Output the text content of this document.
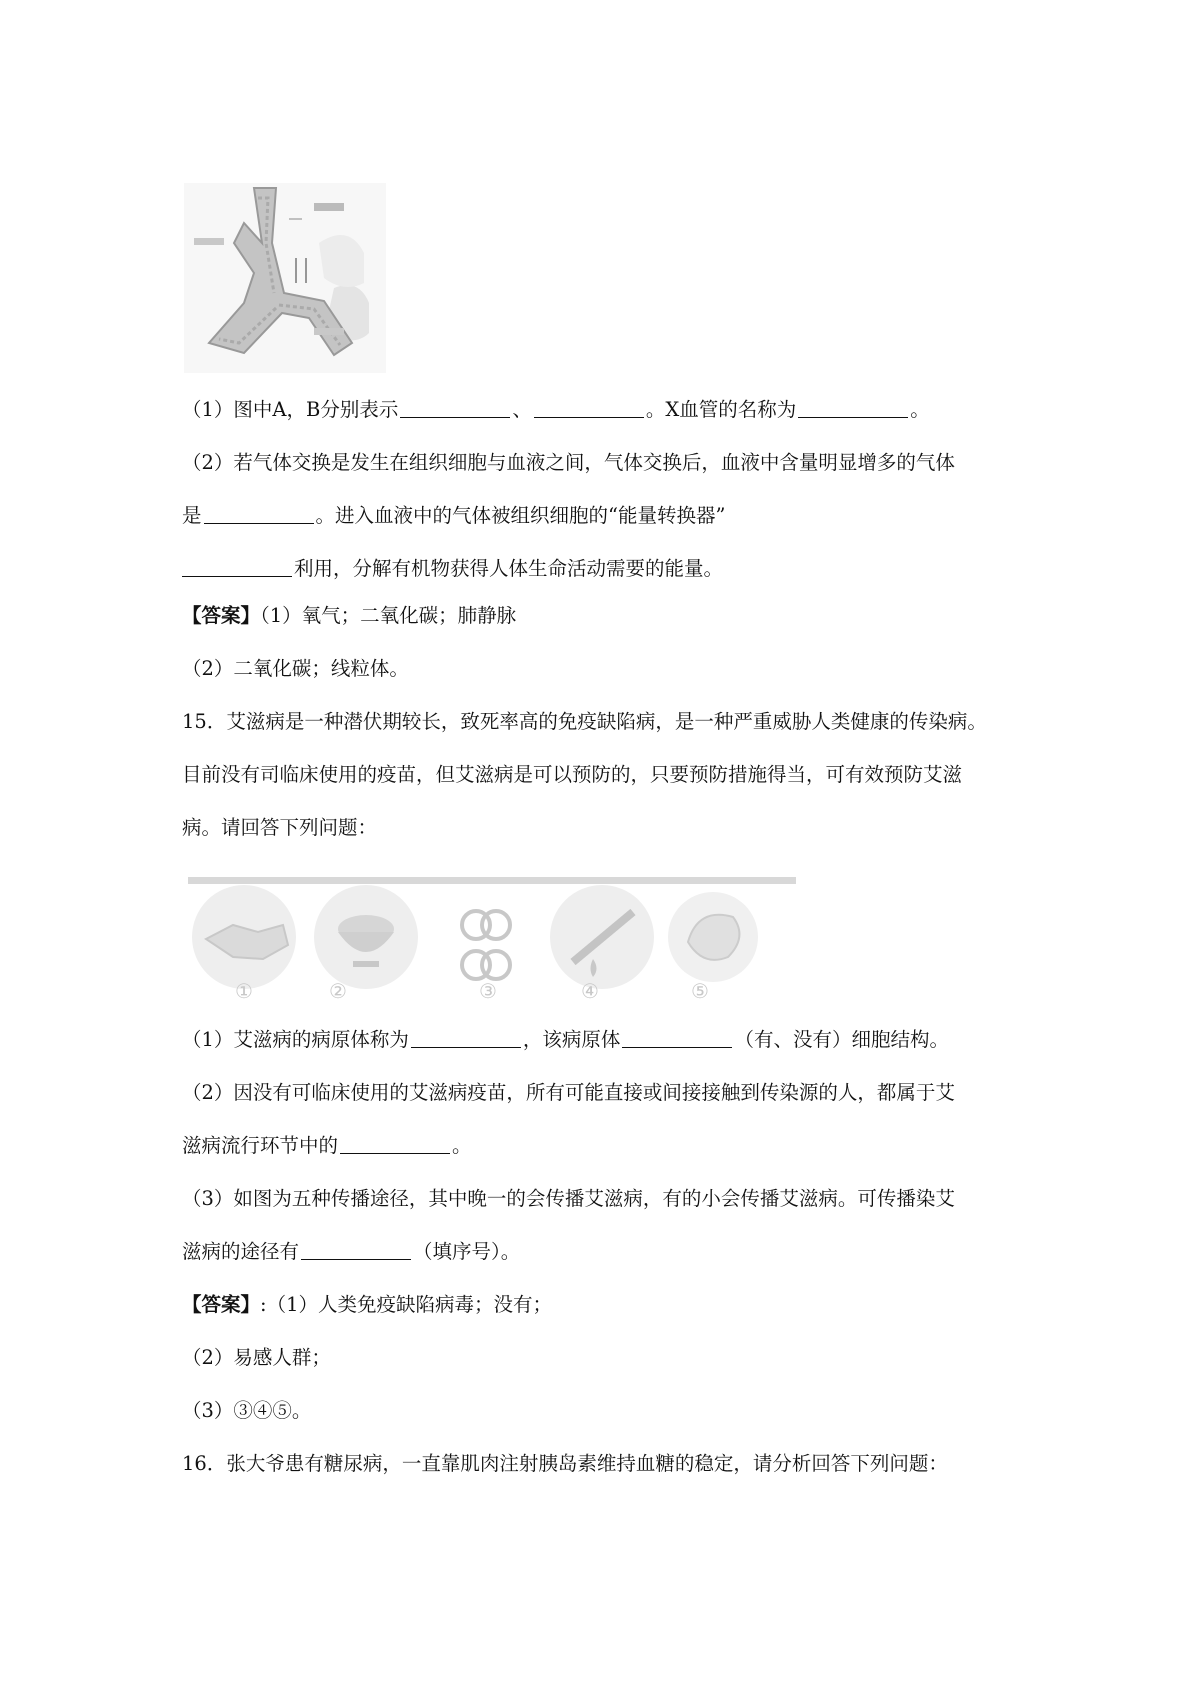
（1）图中A，B分别表示	、	。X血管的名称为	。
（2）若气体交换是发生在组织细胞与血液之间，气体交换后，血液中含量明显增多的气体
是	。进入血液中的气体被组织细胞的“能量转换器”
利用，分解有机物获得人体生命活动需要的能量。
【答案】（1）氧气；二氧化碳；肺静脉
（2）二氧化碳；线粒体。
15．艾滋病是一种潜伏期较长，致死率高的免疫缺陷病，是一种严重威胁人类健康的传染病。
目前没有司临床使用的疫苗，但艾滋病是可以预防的，只要预防措施得当，可有效预防艾滋
病。请回答下列问题：
①	②	③	④	⑤
（1）艾滋病的病原体称为	，该病原体	（有、没有）细胞结构。
（2）因没有可临床使用的艾滋病疫苗，所有可能直接或间接接触到传染源的人，都属于艾
滋病流行环节中的	。
（3）如图为五种传播途径，其中晚一的会传播艾滋病，有的小会传播艾滋病。可传播染艾
滋病的途径有	（填序号）。
【答案】:（1）人类免疫缺陷病毒；没有；
（2）易感人群；
（3）③④⑤。
16．张大爷患有糖尿病，一直靠肌肉注射胰岛素维持血糖的稳定，请分析回答下列问题：
